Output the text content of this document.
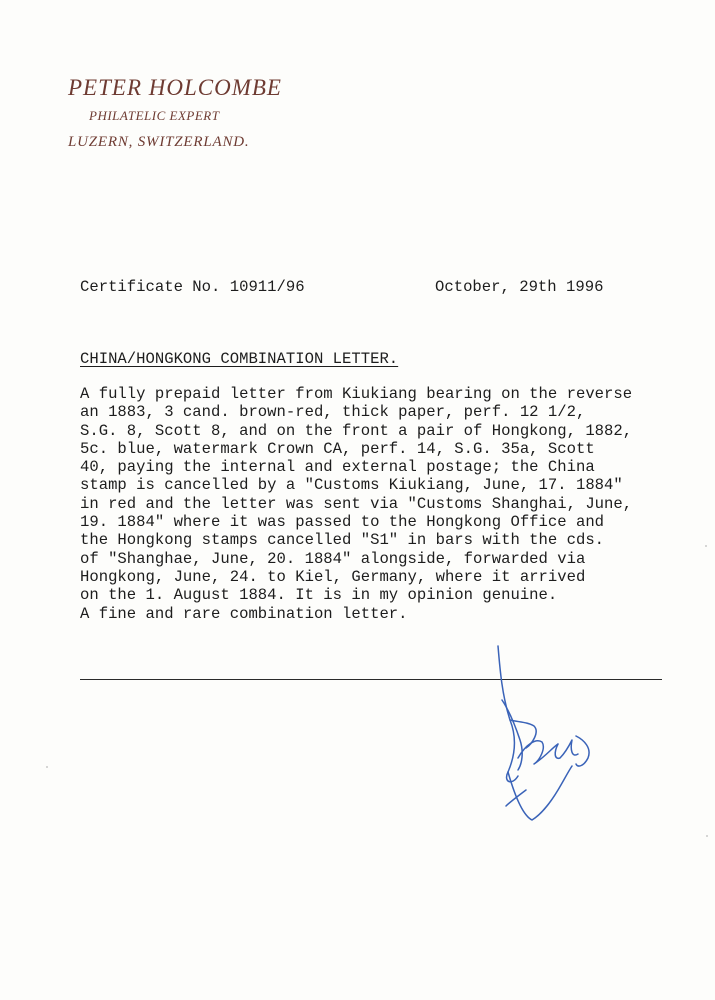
PETER HOLCOMBE

PHILATELIC EXPERT

LUZERN, SWITZERLAND.

Certificate No. 10911/96	October, 29th 1996
CHINA/HONGKONG COMBINATION LETTER.
A fully prepaid letter from Kiukiang bearing on the reverse
an 1883, 3 cand. brown-red, thick paper, perf. 12 1/2,
S.G. 8, Scott 8, and on the front a pair of Hongkong, 1882,
5c. blue, watermark Crown CA, perf. 14, S.G. 35a, Scott
40, paying the internal and external postage; the China
stamp is cancelled by a "Customs Kiukiang, June, 17. 1884"
in red and the letter was sent via "Customs Shanghai, June,
19. 1884" where it was passed to the Hongkong Office and
the Hongkong stamps cancelled "S1" in bars with the cds.
of "Shanghae, June, 20. 1884" alongside, forwarded via
Hongkong, June, 24. to Kiel, Germany, where it arrived
on the 1. August 1884. It is in my opinion genuine.
A fine and rare combination letter.
